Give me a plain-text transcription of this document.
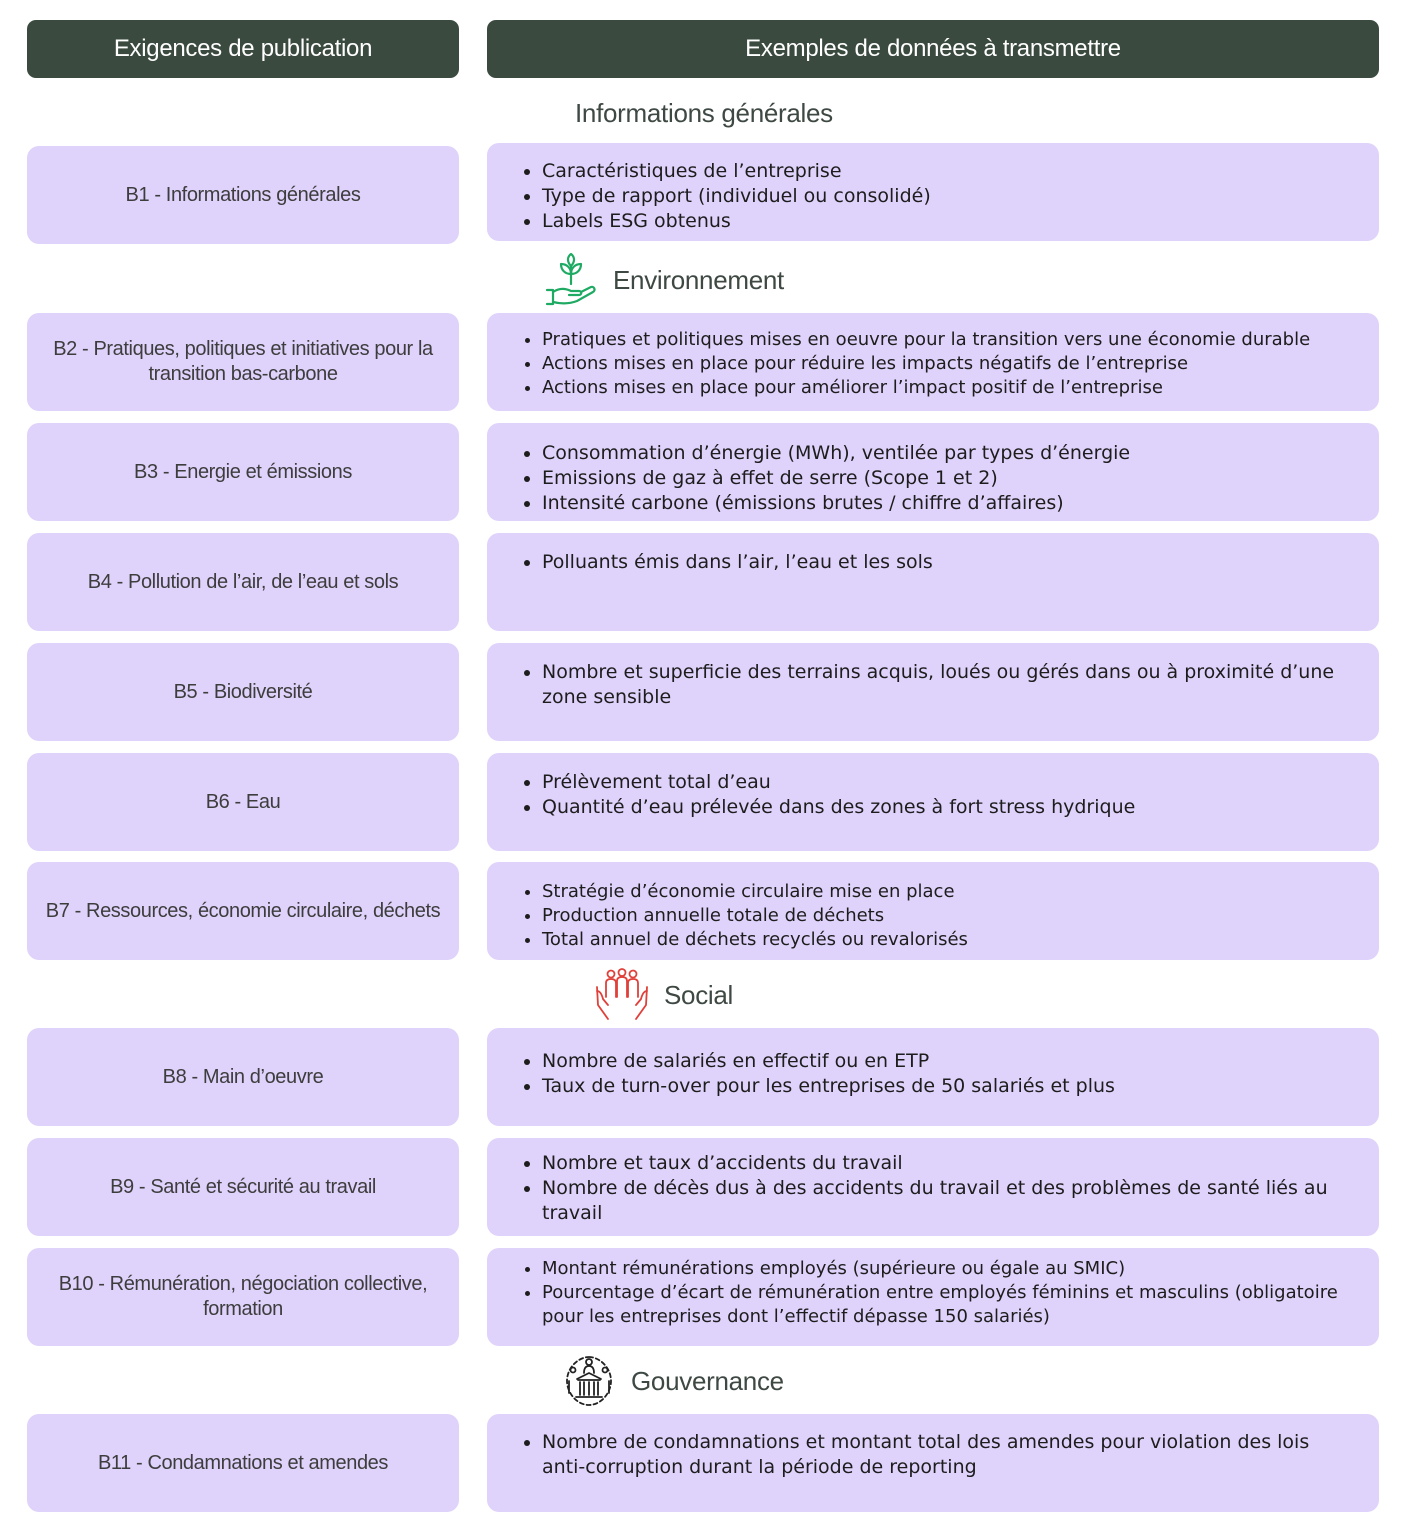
Exigences de publication	Exemples de données à transmettre
Informations générales
B1 - Informations générales
• Caractéristiques de l’entreprise
• Type de rapport (individuel ou consolidé)
• Labels ESG obtenus
Environnement
B2 - Pratiques, politiques et initiatives pour la transition bas-carbone
• Pratiques et politiques mises en oeuvre pour la transition vers une économie durable
• Actions mises en place pour réduire les impacts négatifs de l’entreprise
• Actions mises en place pour améliorer l’impact positif de l’entreprise
B3 - Energie et émissions
• Consommation d’énergie (MWh), ventilée par types d’énergie
• Emissions de gaz à effet de serre (Scope 1 et 2)
• Intensité carbone (émissions brutes / chiffre d’affaires)
B4 - Pollution de l’air, de l’eau et sols
• Polluants émis dans l’air, l’eau et les sols
B5 - Biodiversité
• Nombre et superficie des terrains acquis, loués ou gérés dans ou à proximité d’une zone sensible
B6 - Eau
• Prélèvement total d’eau
• Quantité d’eau prélevée dans des zones à fort stress hydrique
B7 - Ressources, économie circulaire, déchets
• Stratégie d’économie circulaire mise en place
• Production annuelle totale de déchets
• Total annuel de déchets recyclés ou revalorisés
Social
B8 - Main d’oeuvre
• Nombre de salariés en effectif ou en ETP
• Taux de turn-over pour les entreprises de 50 salariés et plus
B9 - Santé et sécurité au travail
• Nombre et taux d’accidents du travail
• Nombre de décès dus à des accidents du travail et des problèmes de santé liés au travail
B10 - Rémunération, négociation collective, formation
• Montant rémunérations employés (supérieure ou égale au SMIC)
• Pourcentage d’écart de rémunération entre employés féminins et masculins (obligatoire pour les entreprises dont l’effectif dépasse 150 salariés)
Gouvernance
B11 - Condamnations et amendes
• Nombre de condamnations et montant total des amendes pour violation des lois anti-corruption durant la période de reporting
